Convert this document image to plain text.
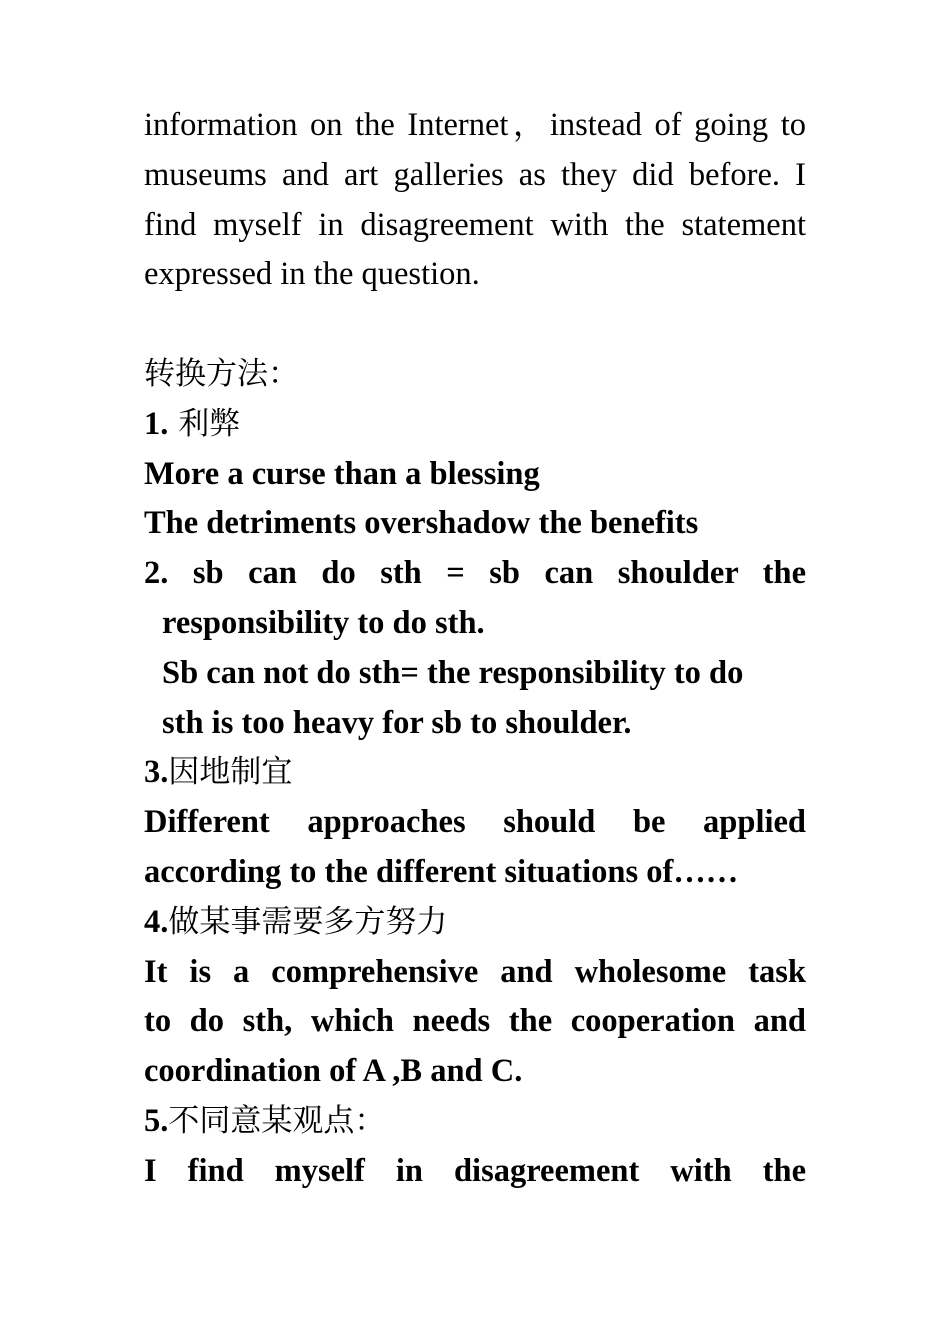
information on the Internet，instead of going to

museums and art galleries as they did before. I

find myself in disagreement with the statement

expressed in the question.

转换方法：

1. 利弊

More a curse than a blessing

The detriments overshadow the benefits

2. sb can do sth = sb can shoulder the

responsibility to do sth.

Sb can not do sth= the responsibility to do

sth is too heavy for sb to shoulder.

3.因地制宜

Different approaches should be applied

according to the different situations of……

4.做某事需要多方努力

It is a comprehensive and wholesome task

to do sth, which needs the cooperation and

coordination of A ,B and C.

5.不同意某观点：

I find myself in disagreement with the
